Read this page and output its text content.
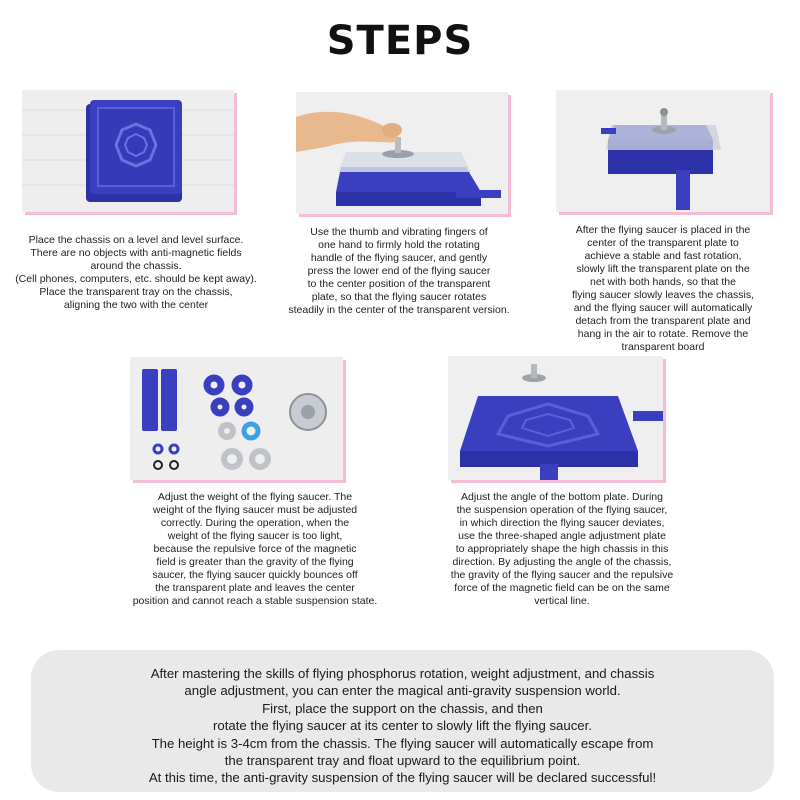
STEPS
Place the chassis on a level and level surface.
There are no objects with anti-magnetic fields
around the chassis.
(Cell phones, computers, etc. should be kept away).
Place the transparent tray on the chassis,
aligning the two with the center
Use the thumb and vibrating fingers of
one hand to firmly hold the rotating
handle of the flying saucer, and gently
press the lower end of the flying saucer
to the center position of the transparent
plate, so that the flying saucer rotates
steadily in the center of the transparent version.
After the flying saucer is placed in the
center of the transparent plate to
achieve a stable and fast rotation,
slowly lift the transparent plate on the
net with both hands, so that the
flying saucer slowly leaves the chassis,
and the flying saucer will automatically
detach from the transparent plate and
hang in the air to rotate. Remove the
transparent board
Adjust the weight of the flying saucer. The
weight of the flying saucer must be adjusted
correctly. During the operation, when the
weight of the flying saucer is too light,
because the repulsive force of the magnetic
field is greater than the gravity of the flying
saucer, the flying saucer quickly bounces off
the transparent plate and leaves the center
position and cannot reach a stable suspension state.
Adjust the angle of the bottom plate. During
the suspension operation of the flying saucer,
in which direction the flying saucer deviates,
use the three-shaped angle adjustment plate
to appropriately shape the high chassis in this
direction. By adjusting the angle of the chassis,
the gravity of the flying saucer and the repulsive
force of the magnetic field can be on the same
vertical line.
After mastering the skills of flying phosphorus rotation, weight adjustment, and chassis
angle adjustment, you can enter the magical anti-gravity suspension world.
First, place the support on the chassis, and then
rotate the flying saucer at its center to slowly lift the flying saucer.
The height is 3-4cm from the chassis. The flying saucer will automatically escape from
the transparent tray and float upward to the equilibrium point.
At this time, the anti-gravity suspension of the flying saucer will be declared successful!
